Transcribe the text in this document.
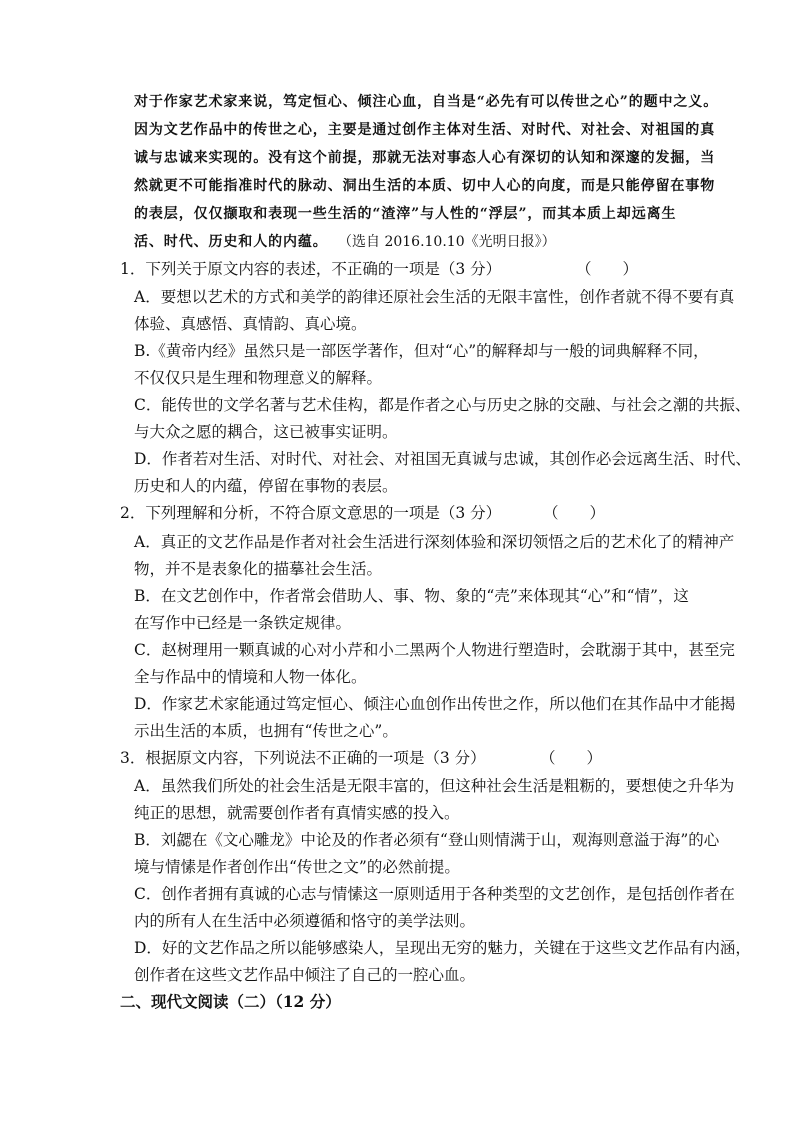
对于作家艺术家来说，笃定恒心、倾注心血，自当是“必先有可以传世之心”的题中之义。
因为文艺作品中的传世之心，主要是通过创作主体对生活、对时代、对社会、对祖国的真
诚与忠诚来实现的。没有这个前提，那就无法对事态人心有深切的认知和深邃的发掘，当
然就更不可能指准时代的脉动、洞出生活的本质、切中人心的向度，而是只能停留在事物
的表层，仅仅撷取和表现一些生活的“渣滓”与人性的“浮层”，而其本质上却远离生
活、时代、历史和人的内蕴。 （选自 2016.10.10《光明日报》）
1．下列关于原文内容的表述，不正确的一项是（3 分）	（　　）
A．要想以艺术的方式和美学的韵律还原社会生活的无限丰富性，创作者就不得不要有真
体验、真感悟、真情韵、真心境。
B.《黄帝内经》虽然只是一部医学著作，但对“心”的解释却与一般的词典解释不同，
不仅仅只是生理和物理意义的解释。
C．能传世的文学名著与艺术佳构，都是作者之心与历史之脉的交融、与社会之潮的共振、
与大众之愿的耦合，这已被事实证明。
D．作者若对生活、对时代、对社会、对祖国无真诚与忠诚，其创作必会远离生活、时代、
历史和人的内蕴，停留在事物的表层。
2．下列理解和分析，不符合原文意思的一项是（3 分）	（　　）
A．真正的文艺作品是作者对社会生活进行深刻体验和深切领悟之后的艺术化了的精神产
物，并不是表象化的描摹社会生活。
B．在文艺创作中，作者常会借助人、事、物、象的“壳”来体现其“心”和“情”，这
在写作中已经是一条铁定规律。
C．赵树理用一颗真诚的心对小芹和小二黑两个人物进行塑造时，会耽溺于其中，甚至完
全与作品中的情境和人物一体化。
D．作家艺术家能通过笃定恒心、倾注心血创作出传世之作，所以他们在其作品中才能揭
示出生活的本质，也拥有“传世之心”。
3．根据原文内容，下列说法不正确的一项是（3 分）	（　　）
A．虽然我们所处的社会生活是无限丰富的，但这种社会生活是粗粝的，要想使之升华为
纯正的思想，就需要创作者有真情实感的投入。
B．刘勰在《文心雕龙》中论及的作者必须有“登山则情满于山，观海则意溢于海”的心
境与情愫是作者创作出“传世之文”的必然前提。
C．创作者拥有真诚的心志与情愫这一原则适用于各种类型的文艺创作，是包括创作者在
内的所有人在生活中必须遵循和恪守的美学法则。
D．好的文艺作品之所以能够感染人，呈现出无穷的魅力，关键在于这些文艺作品有内涵，
创作者在这些文艺作品中倾注了自己的一腔心血。
二、现代文阅读（二）（12 分）
